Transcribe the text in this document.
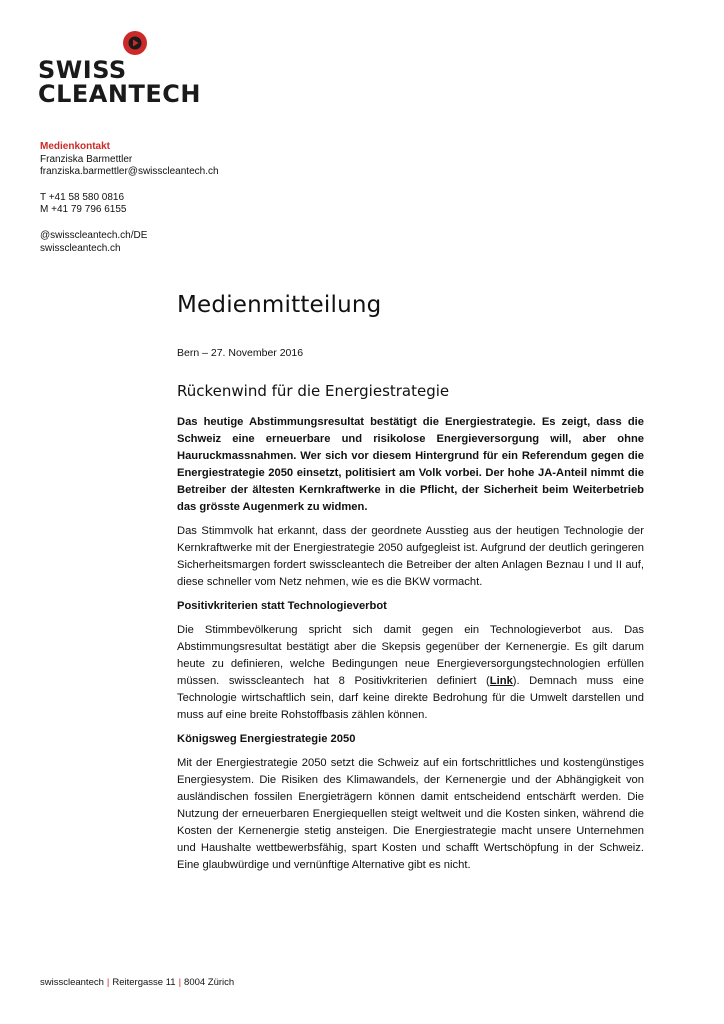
SWISS
CLEANTECH
Medienkontakt
Franziska Barmettler
franziska.barmettler@swisscleantech.ch
T +41 58 580 0816
M +41 79 796 6155
@swisscleantech.ch/DE
swisscleantech.ch
Medienmitteilung
Bern – 27. November 2016
Rückenwind für die Energiestrategie

Das heutige Abstimmungsresultat bestätigt die Energiestrategie. Es zeigt, dass die Schweiz eine erneuerbare und risikolose Energieversorgung will, aber ohne Hauruckmassnahmen. Wer sich vor diesem Hintergrund für ein Referendum gegen die Energiestrategie 2050 einsetzt, politisiert am Volk vorbei. Der hohe JA-Anteil nimmt die Betreiber der ältesten Kernkraftwerke in die Pflicht, der Sicherheit beim Weiterbetrieb das grösste Augenmerk zu widmen.

Das Stimmvolk hat erkannt, dass der geordnete Ausstieg aus der heutigen Technologie der Kernkraftwerke mit der Energiestrategie 2050 aufgegleist ist. Aufgrund der deutlich geringeren Sicherheitsmargen fordert swisscleantech die Betreiber der alten Anlagen Beznau I und II auf, diese schneller vom Netz nehmen, wie es die BKW vormacht.

Positivkriterien statt Technologieverbot

Die Stimmbevölkerung spricht sich damit gegen ein Technologieverbot aus. Das Abstimmungsresultat bestätigt aber die Skepsis gegenüber der Kernenergie. Es gilt darum heute zu definieren, welche Bedingungen neue Energieversorgungstechnologien erfüllen müssen. swisscleantech hat 8 Positivkriterien definiert (Link). Demnach muss eine Technologie wirtschaftlich sein, darf keine direkte Bedrohung für die Umwelt darstellen und muss auf eine breite Rohstoffbasis zählen können.

Königsweg Energiestrategie 2050

Mit der Energiestrategie 2050 setzt die Schweiz auf ein fortschrittliches und kostengünstiges Energiesystem. Die Risiken des Klimawandels, der Kernenergie und der Abhängigkeit von ausländischen fossilen Energieträgern können damit entscheidend entschärft werden. Die Nutzung der erneuerbaren Energiequellen steigt weltweit und die Kosten sinken, während die Kosten der Kernenergie stetig ansteigen. Die Energiestrategie macht unsere Unternehmen und Haushalte wettbewerbsfähig, spart Kosten und schafft Wertschöpfung in der Schweiz. Eine glaubwürdige und vernünftige Alternative gibt es nicht.

swisscleantech | Reitergasse 11 | 8004 Zürich
